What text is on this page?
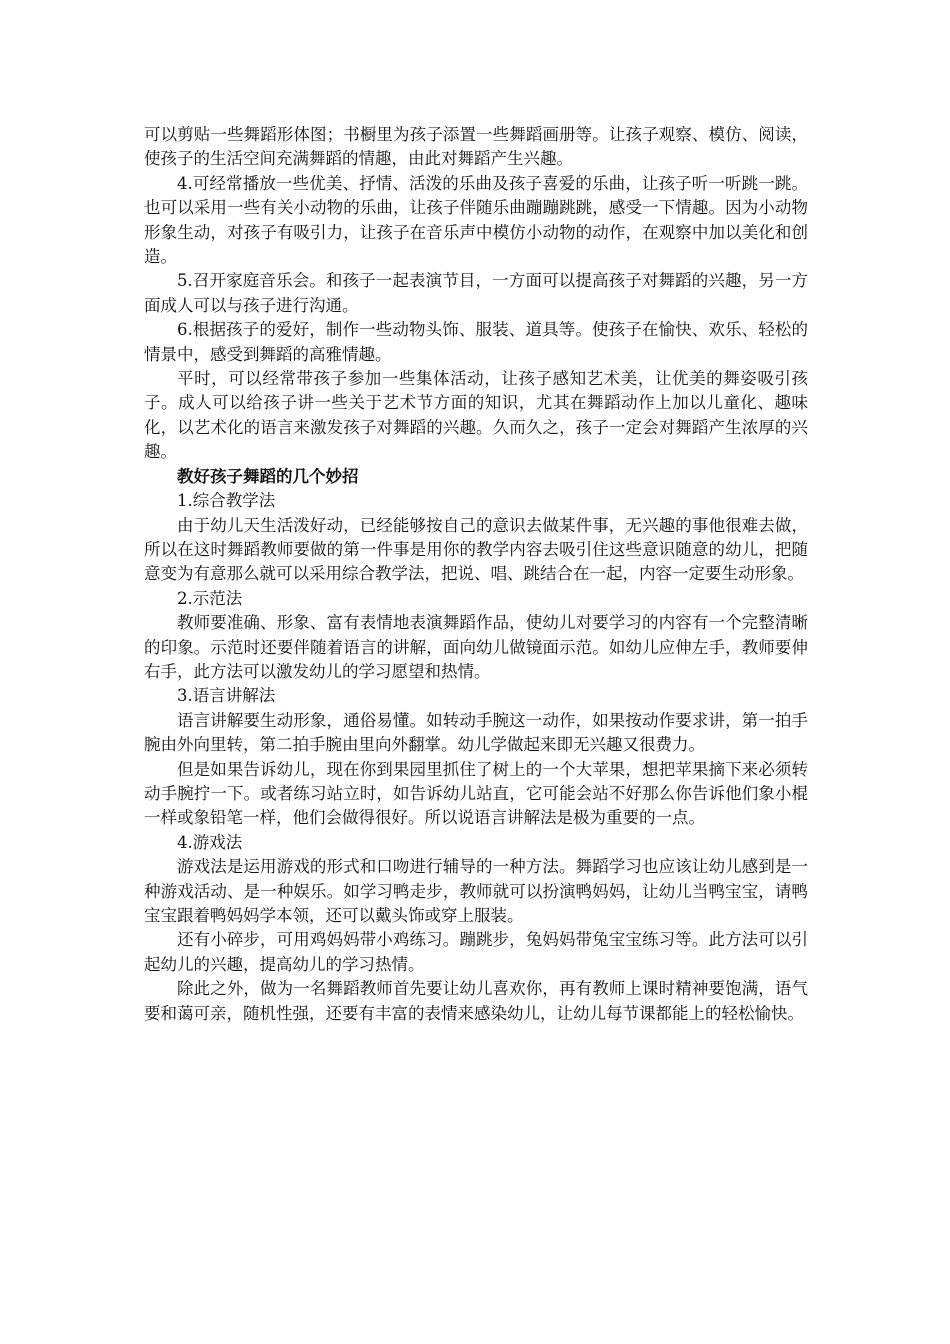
可以剪贴一些舞蹈形体图；书橱里为孩子添置一些舞蹈画册等。让孩子观察、模仿、阅读，使孩子的生活空间充满舞蹈的情趣，由此对舞蹈产生兴趣。

4.可经常播放一些优美、抒情、活泼的乐曲及孩子喜爱的乐曲，让孩子听一听跳一跳。也可以采用一些有关小动物的乐曲，让孩子伴随乐曲蹦蹦跳跳，感受一下情趣。因为小动物形象生动，对孩子有吸引力，让孩子在音乐声中模仿小动物的动作，在观察中加以美化和创造。

5.召开家庭音乐会。和孩子一起表演节目，一方面可以提高孩子对舞蹈的兴趣，另一方面成人可以与孩子进行沟通。

6.根据孩子的爱好，制作一些动物头饰、服装、道具等。使孩子在愉快、欢乐、轻松的情景中，感受到舞蹈的高雅情趣。

平时，可以经常带孩子参加一些集体活动，让孩子感知艺术美，让优美的舞姿吸引孩子。成人可以给孩子讲一些关于艺术节方面的知识，尤其在舞蹈动作上加以儿童化、趣味化，以艺术化的语言来激发孩子对舞蹈的兴趣。久而久之，孩子一定会对舞蹈产生浓厚的兴趣。

教好孩子舞蹈的几个妙招

1.综合教学法

由于幼儿天生活泼好动，已经能够按自己的意识去做某件事，无兴趣的事他很难去做，所以在这时舞蹈教师要做的第一件事是用你的教学内容去吸引住这些意识随意的幼儿，把随意变为有意那么就可以采用综合教学法，把说、唱、跳结合在一起，内容一定要生动形象。

2.示范法

教师要准确、形象、富有表情地表演舞蹈作品，使幼儿对要学习的内容有一个完整清晰的印象。示范时还要伴随着语言的讲解，面向幼儿做镜面示范。如幼儿应伸左手，教师要伸右手，此方法可以激发幼儿的学习愿望和热情。

3.语言讲解法

语言讲解要生动形象，通俗易懂。如转动手腕这一动作，如果按动作要求讲，第一拍手腕由外向里转，第二拍手腕由里向外翻掌。幼儿学做起来即无兴趣又很费力。

但是如果告诉幼儿，现在你到果园里抓住了树上的一个大苹果，想把苹果摘下来必须转动手腕拧一下。或者练习站立时，如告诉幼儿站直，它可能会站不好那么你告诉他们象小棍一样或象铅笔一样，他们会做得很好。所以说语言讲解法是极为重要的一点。

4.游戏法

游戏法是运用游戏的形式和口吻进行辅导的一种方法。舞蹈学习也应该让幼儿感到是一种游戏活动、是一种娱乐。如学习鸭走步，教师就可以扮演鸭妈妈，让幼儿当鸭宝宝，请鸭宝宝跟着鸭妈妈学本领，还可以戴头饰或穿上服装。

还有小碎步，可用鸡妈妈带小鸡练习。蹦跳步，兔妈妈带兔宝宝练习等。此方法可以引起幼儿的兴趣，提高幼儿的学习热情。

除此之外，做为一名舞蹈教师首先要让幼儿喜欢你，再有教师上课时精神要饱满，语气要和蔼可亲，随机性强，还要有丰富的表情来感染幼儿，让幼儿每节课都能上的轻松愉快。
